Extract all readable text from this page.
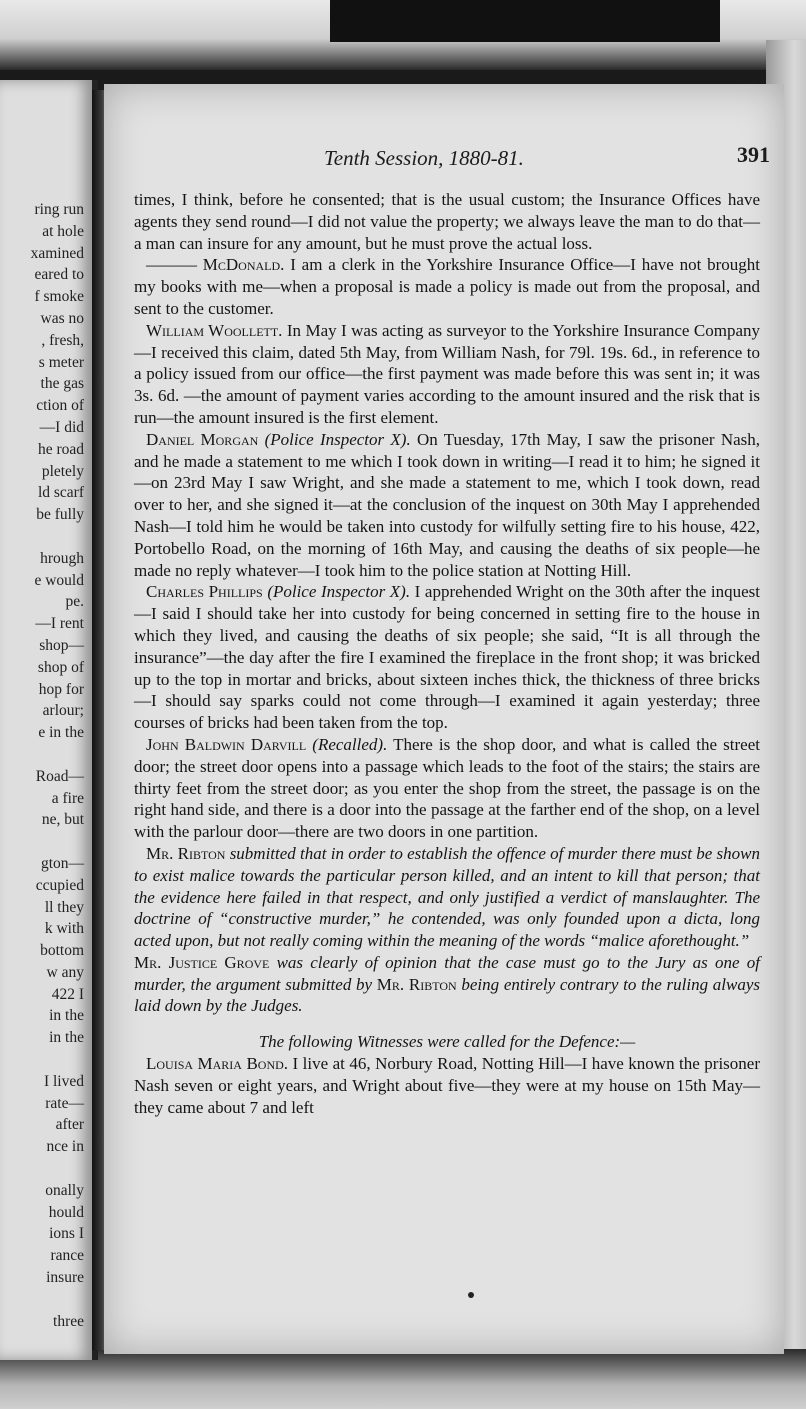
ring run
at hole
xamined
eared to
f smoke
was no
, fresh,
s meter
the gas
ction of
—I did
he road
pletely
ld scarf
be fully

hrough
e would
pe.
—I rent
shop—
shop of
hop for
arlour;
e in the

Road—
a fire
ne, but

gton—
ccupied
ll they
k with
bottom
w any
422 I
in the
in the

I lived
rate—
after
nce in

onally
hould
ions I
rance
insure

three
Tenth Session, 1880-81.	391

times, I think, before he consented; that is the usual custom; the Insurance Offices have agents they send round—I did not value the property; we always leave the man to do that—a man can insure for any amount, but he must prove the actual loss.

——— McDonald. I am a clerk in the Yorkshire Insurance Office—I have not brought my books with me—when a proposal is made a policy is made out from the proposal, and sent to the customer.

William Woollett. In May I was acting as surveyor to the Yorkshire Insurance Company—I received this claim, dated 5th May, from William Nash, for 79l. 19s. 6d., in reference to a policy issued from our office—the first payment was made before this was sent in; it was 3s. 6d. —the amount of payment varies according to the amount insured and the risk that is run—the amount insured is the first element.

Daniel Morgan (Police Inspector X). On Tuesday, 17th May, I saw the prisoner Nash, and he made a statement to me which I took down in writing—I read it to him; he signed it—on 23rd May I saw Wright, and she made a statement to me, which I took down, read over to her, and she signed it—at the conclusion of the inquest on 30th May I apprehended Nash—I told him he would be taken into custody for wilfully setting fire to his house, 422, Portobello Road, on the morning of 16th May, and causing the deaths of six people—he made no reply whatever—I took him to the police station at Notting Hill.

Charles Phillips (Police Inspector X). I apprehended Wright on the 30th after the inquest—I said I should take her into custody for being concerned in setting fire to the house in which they lived, and causing the deaths of six people; she said, “It is all through the insurance”—the day after the fire I examined the fireplace in the front shop; it was bricked up to the top in mortar and bricks, about sixteen inches thick, the thickness of three bricks—I should say sparks could not come through—I examined it again yesterday; three courses of bricks had been taken from the top.

John Baldwin Darvill (Recalled). There is the shop door, and what is called the street door; the street door opens into a passage which leads to the foot of the stairs; the stairs are thirty feet from the street door; as you enter the shop from the street, the passage is on the right hand side, and there is a door into the passage at the farther end of the shop, on a level with the parlour door—there are two doors in one partition.

Mr. Ribton submitted that in order to establish the offence of murder there must be shown to exist malice towards the particular person killed, and an intent to kill that person; that the evidence here failed in that respect, and only justified a verdict of manslaughter. The doctrine of “constructive murder,” he contended, was only founded upon a dicta, long acted upon, but not really coming within the meaning of the words “malice aforethought.”

Mr. Justice Grove was clearly of opinion that the case must go to the Jury as one of murder, the argument submitted by Mr. Ribton being entirely contrary to the ruling always laid down by the Judges.

The following Witnesses were called for the Defence:—

Louisa Maria Bond. I live at 46, Norbury Road, Notting Hill—I have known the prisoner Nash seven or eight years, and Wright about five—they were at my house on 15th May—they came about 7 and left
